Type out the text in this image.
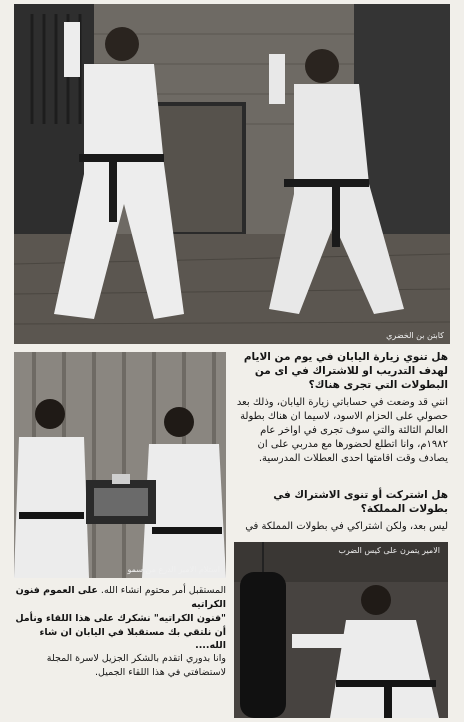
كابتن بن الخضري
استلام الامير الدرع من سمو
الامير يتمرن على كيس الضرب
هل تنوي زيارة اليابان في يوم من الايام لهدف التدريب او للاشتراك في اى من البطولات التي تجرى هناك؟
انني قد وضعت في حساباتي زيارة اليابان، وذلك بعد حصولي على الحزام الاسود، لاسيما ان هناك بطولة العالم الثالثة والتي سوف تجرى في اواخر عام ١٩٨٢م، وانا اتطلع لحضورها مع مدربي على ان يصادف وقت اقامتها احدى العطلات المدرسية.
هل اشتركت أو تنوى الاشتراك في بطولات المملكة؟
ليس بعد، ولكن اشتراكي في بطولات المملكة في
المستقبل أمر محتوم انشاء الله. على العموم فنون الكراتيه
"فنون الكراتيه" نشكرك على هذا اللقاء ونأمل أن نلتقي بك مستقبلا في اليابان ان شاء الله....
وانا بدوري اتقدم بالشكر الجزيل لاسرة المجلة لاستضافتي في هذا اللقاء الجميل.
